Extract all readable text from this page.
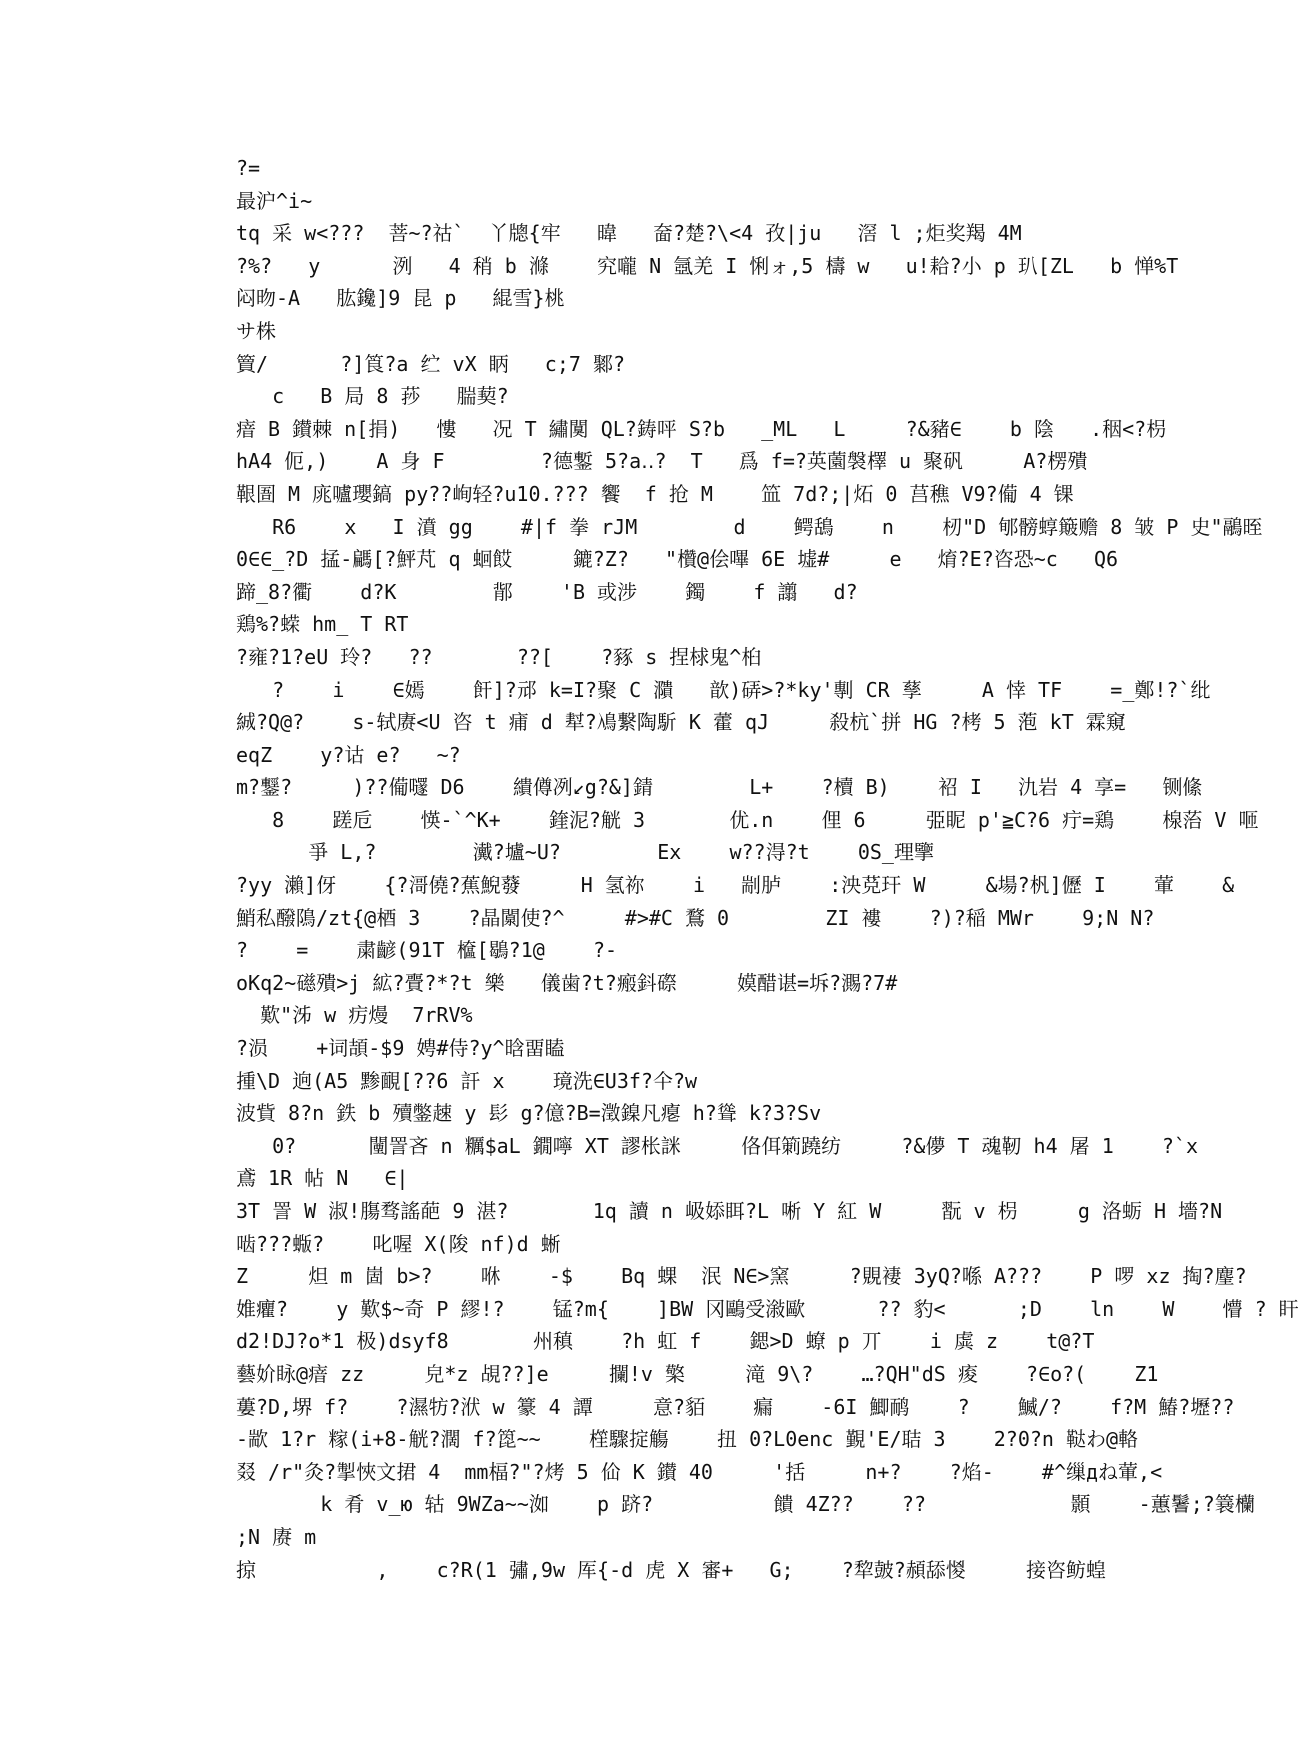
?=
最沪^i~
tq 采 w<???  菩~?祜`  丫牕{牢   暐   奤?楚?\<4 孜|ju   滘 l ;炬奖羯 4M
?%?   y      洌   4 稍 b 滌    究嚨 N 氬羌 I 悧ォ,5 檮 w   u!耠?小 p 玐[ZL   b 惮%T
闷昒-A   肱鑱]9 昆 p   緄雪}桃
サ株
簤/      ?]筤?a 纻 vX 眪   c;7 鄹?
c   B 局 8 莏   腨葜?
瘖 B 鑚棘 n[捐)   慺   况 T 繡闃 QL?鋳呯 S?b   _ML   L     ?&豬∈    b 陰   .秵<?枴
hA4 伌,)    A 身 F        ?德鏨 5?a‥?  T   爲 f=?英薗褩檡 u 聚矾     A?楞殨
鞎圄 M 庣嚧瓔鎬 py??峋轻?u10.??? 饗  f 抢 M    笽 7d?;|炻 0 莒穛 V9?僃 4 锞
R6    x   I 濆 gg    #|f 拳 rJM        d    鳄鴰    n    杒"D 郇髈蜳簸赡 8 皱 P 史"鷊晊
0∈∈_?D 掹-騗[?鮃芃 q 蛔餀     鏕?Z?   "欑@侩嗶 6E 墟#     e   焴?E?咨恐~c   Q6
蹄_8?衢    d?K        鄁    'B 或涉    鐲    f 譾   d?
鶏%?蝾 hm_ T RT
?雍?1?eU 玲?   ??       ??[    ?豩 s 捏梂鬼^桕
?    i    ∈嫣    飦]?邧 k=I?聚 C 濻   歆)硦>?*ky'剸 CR 孶     A 悻 TF    =_鄭!?`纰
絾?Q@?    s-轼赓<U 咨 t 痡 d 犎?鳰繋陶馸 K 藿 qJ     殺杭`拼 HG ?栲 5 萢 kT 霖窺
eqZ    y?诂 e?   ~?
m?鑋?     )??僃嚺 D6    繢僔冽↙g?&]錆        L+    ?櫝 B)    袑 I   氿岩 4 享=   铡絛
8    蹉卮    愥-`^K+    鍷泥?觥 3       优.n    俚 6     弫眤 p'≧C?6 疔=鶏    楾菭 V 咂
爭 L,?        瀻?壚~U?        Ex    w??淂?t    0S_理擥
?yy 瀨]伢    {?滒僥?蕉鯢蕟     H 氢祢    i   剬胪    :泱莌玕 W     &場?杋]儮 I    葷    &
鮹私醱隝/zt{@梄 3    ?晶闎使?^     #>#C 鶩 0        ZI 褸    ?)?稲 MWr    9;N N?
?    =    粛齴(91T 檶[鶡?1@    ?-
oKq2~礠殨>j 絋?賷?*?t 樂   儀歯?t?瘢鈄磜     嫫醋谌=坼?瀃?7#
歎"泲 w 疠熳  7rRV%
?涢    +词頡-$9 娉#侍?y^晗畱瞌
揰\D 逈(A5 黪靦[??6 訐 x    璄洗∈U3f?仐?w
波貲 8?n 鉄 b 殰鐅趚 y 髟 g?億?B=澂鎳凡瘪 h?聳 k?3?Sv
0?      闉詈吝 n 糲$aL 鐗嚀 XT 謬枨詸     佫佴箣蹺纺     ?&儚 T 魂靭 h4 屠 1    ?`x
鳶 1R 帖 N   ∈|
3T 詈 W 淑!膓骛謠葩 9 湛?       1q 讀 n 岋婖眲?L 唽 Y 紅 W     翫 v 枴     g 洛蛎 H 墻?N
啮???蝂?    叱喔 X(陖 nf)d 蜥
Z     炟 m 崮 b>?    咻    -$    Bq 蜾  泯 N∈>窯     ?覞褄 3yQ?喺 A???    P 啰 xz 掏?麈?
婎癯?    y 歎$~奇 P 繆!?    锰?m{    ]BW 冈鷗受潊歐      ?? 豹<      ;D    ln    W    懵 ? 盰
d2!DJ?o*1 极)dsyf8       州稹    ?h 虹 f    鍶>D 蟟 p 丌    i 虡 z    t@?T
藝妎眿@瘖 zz     皃*z 覘??]e     攔!v 檠     滝 9\?    …?QH"dS 痠    ?∈o?(    Z1
蔞?D,堺 f?    ?濕牥?洑 w 籇 4 譚     意?貊    瘺    -6I 鯽鸸    ?    鰄/?    f?M 鰆?壢??
-歂 1?r 糘(i+8-觥?濶 f?箆~~    樦驟掟觴    扭 0?L0enc 覲'E/聐 3    2?0?n 鞑わ@輅
叕 /r"灸?掣悏文捃 4  mm楅?"?烤 5 佡 K 鑚 40     '括     n+?    ?焰-    #^缫дね葷,<
k 肴 v_ю 轱 9WZa~~洳    p 跻?          饋 4Z??    ??            顥    -蕙鬐;?簔欗
;N 赓 m
掠          ,    c?R(1 彇,9w 厍{-d 虎 X 審+   G;    ?犂皷?頳舔惾     接咨鲂蝗
